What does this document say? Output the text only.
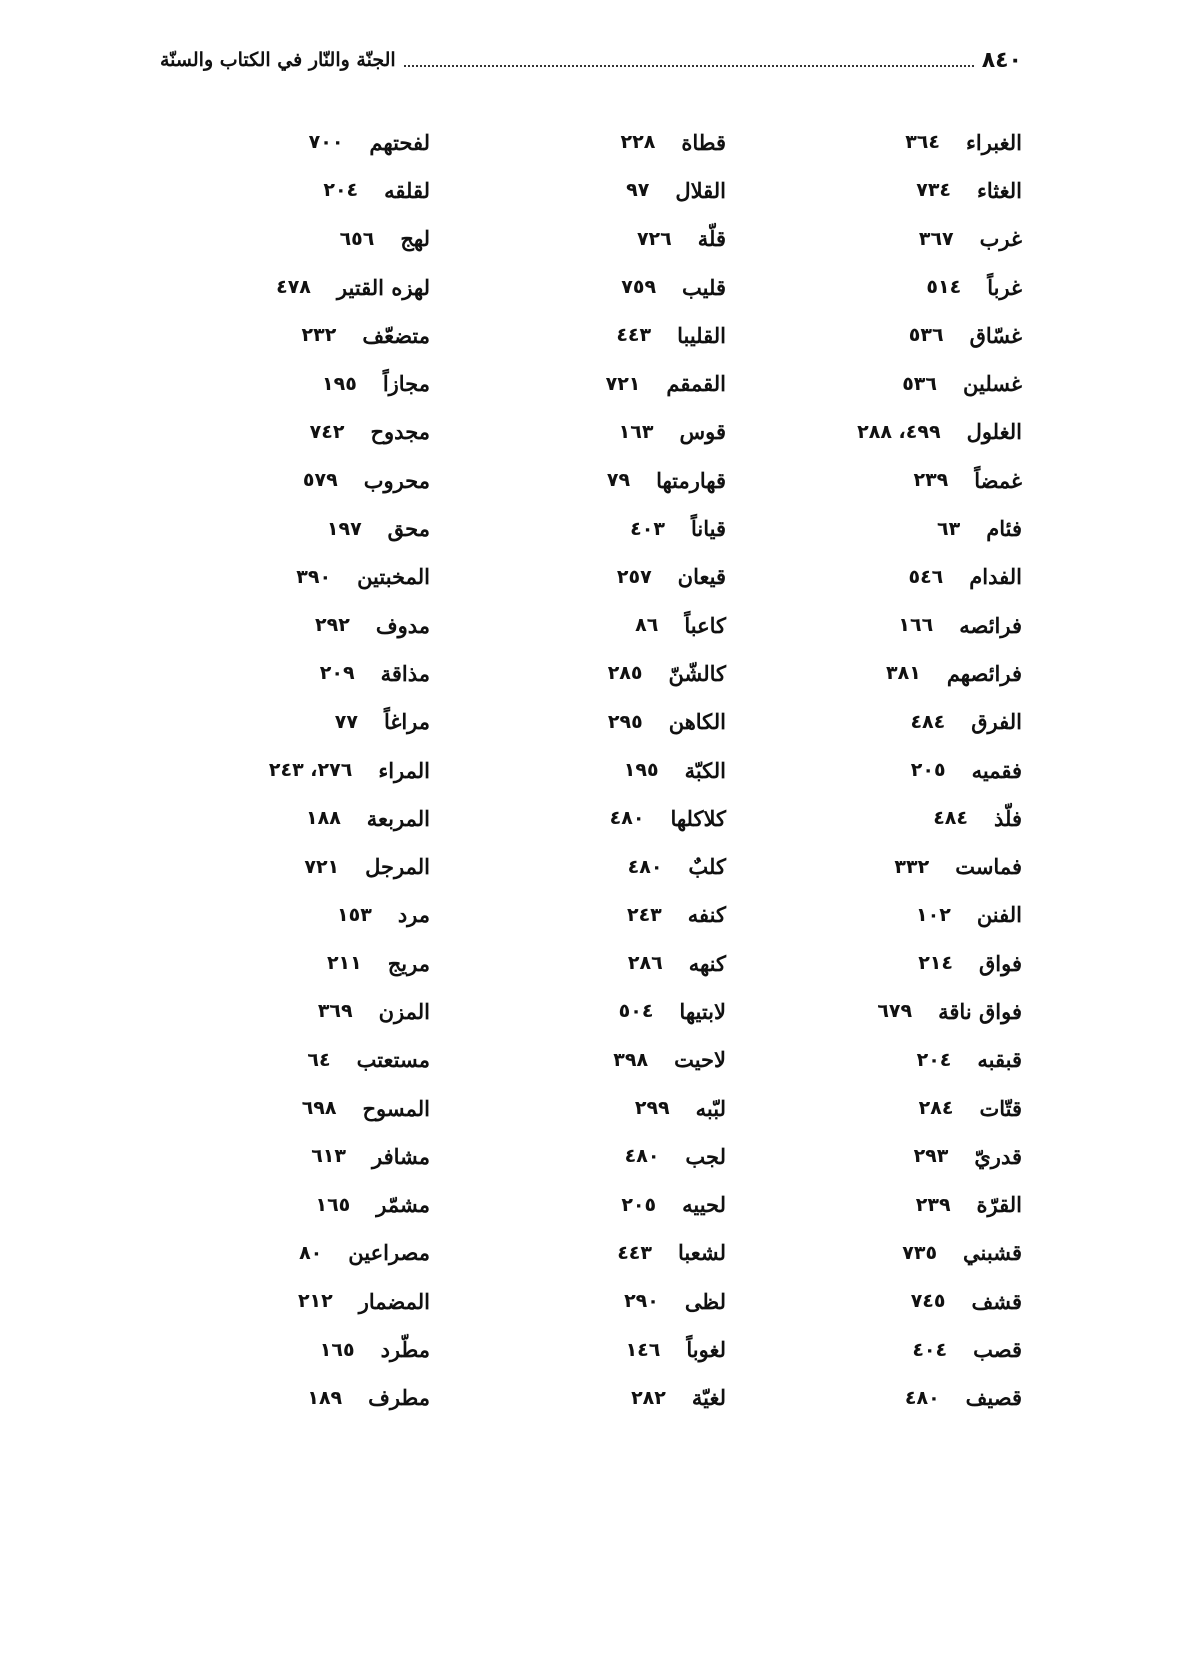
٨٤٠
الجنّة والنّار في الكتاب والسنّة
الغبراء
٣٦٤
الغثاء
٧٣٤
غرب
٣٦٧
غرباً
٥١٤
غسّاق
٥٣٦
غسلين
٥٣٦
الغلول
٤٩٩، ٢٨٨
غمضاً
٢٣٩
فئام
٦٣
الفدام
٥٤٦
فرائصه
١٦٦
فرائصهم
٣٨١
الفرق
٤٨٤
فقميه
٢٠٥
فلّذ
٤٨٤
فماست
٣٣٢
الفنن
١٠٢
فواق
٢١٤
فواق ناقة
٦٧٩
قبقبه
٢٠٤
قتّات
٢٨٤
قدريّ
٢٩٣
القرّة
٢٣٩
قشبني
٧٣٥
قشف
٧٤٥
قصب
٤٠٤
قصيف
٤٨٠
قطاة
٢٢٨
القلال
٩٧
قلّة
٧٢٦
قليب
٧٥٩
القليبا
٤٤٣
القمقم
٧٢١
قوس
١٦٣
قهارمتها
٧٩
قياناً
٤٠٣
قيعان
٢٥٧
كاعباً
٨٦
كالشّنّ
٢٨٥
الكاهن
٢٩٥
الكبّة
١٩٥
كلاكلها
٤٨٠
كلبٌ
٤٨٠
كنفه
٢٤٣
كنهه
٢٨٦
لابتيها
٥٠٤
لاحيت
٣٩٨
لبّبه
٢٩٩
لجب
٤٨٠
لحييه
٢٠٥
لشعبا
٤٤٣
لظى
٢٩٠
لغوباً
١٤٦
لغيّة
٢٨٢
لفحتهم
٧٠٠
لقلقه
٢٠٤
لهج
٦٥٦
لهزه القتير
٤٧٨
متضعّف
٢٣٢
مجازاً
١٩٥
مجدوح
٧٤٢
محروب
٥٧٩
محق
١٩٧
المخبتين
٣٩٠
مدوف
٢٩٢
مذاقة
٢٠٩
مراغاً
٧٧
المراء
٢٧٦، ٢٤٣
المربعة
١٨٨
المرجل
٧٢١
مرد
١٥٣
مريج
٢١١
المزن
٣٦٩
مستعتب
٦٤
المسوح
٦٩٨
مشافر
٦١٣
مشمّر
١٦٥
مصراعين
٨٠
المضمار
٢١٢
مطّرد
١٦٥
مطرف
١٨٩
